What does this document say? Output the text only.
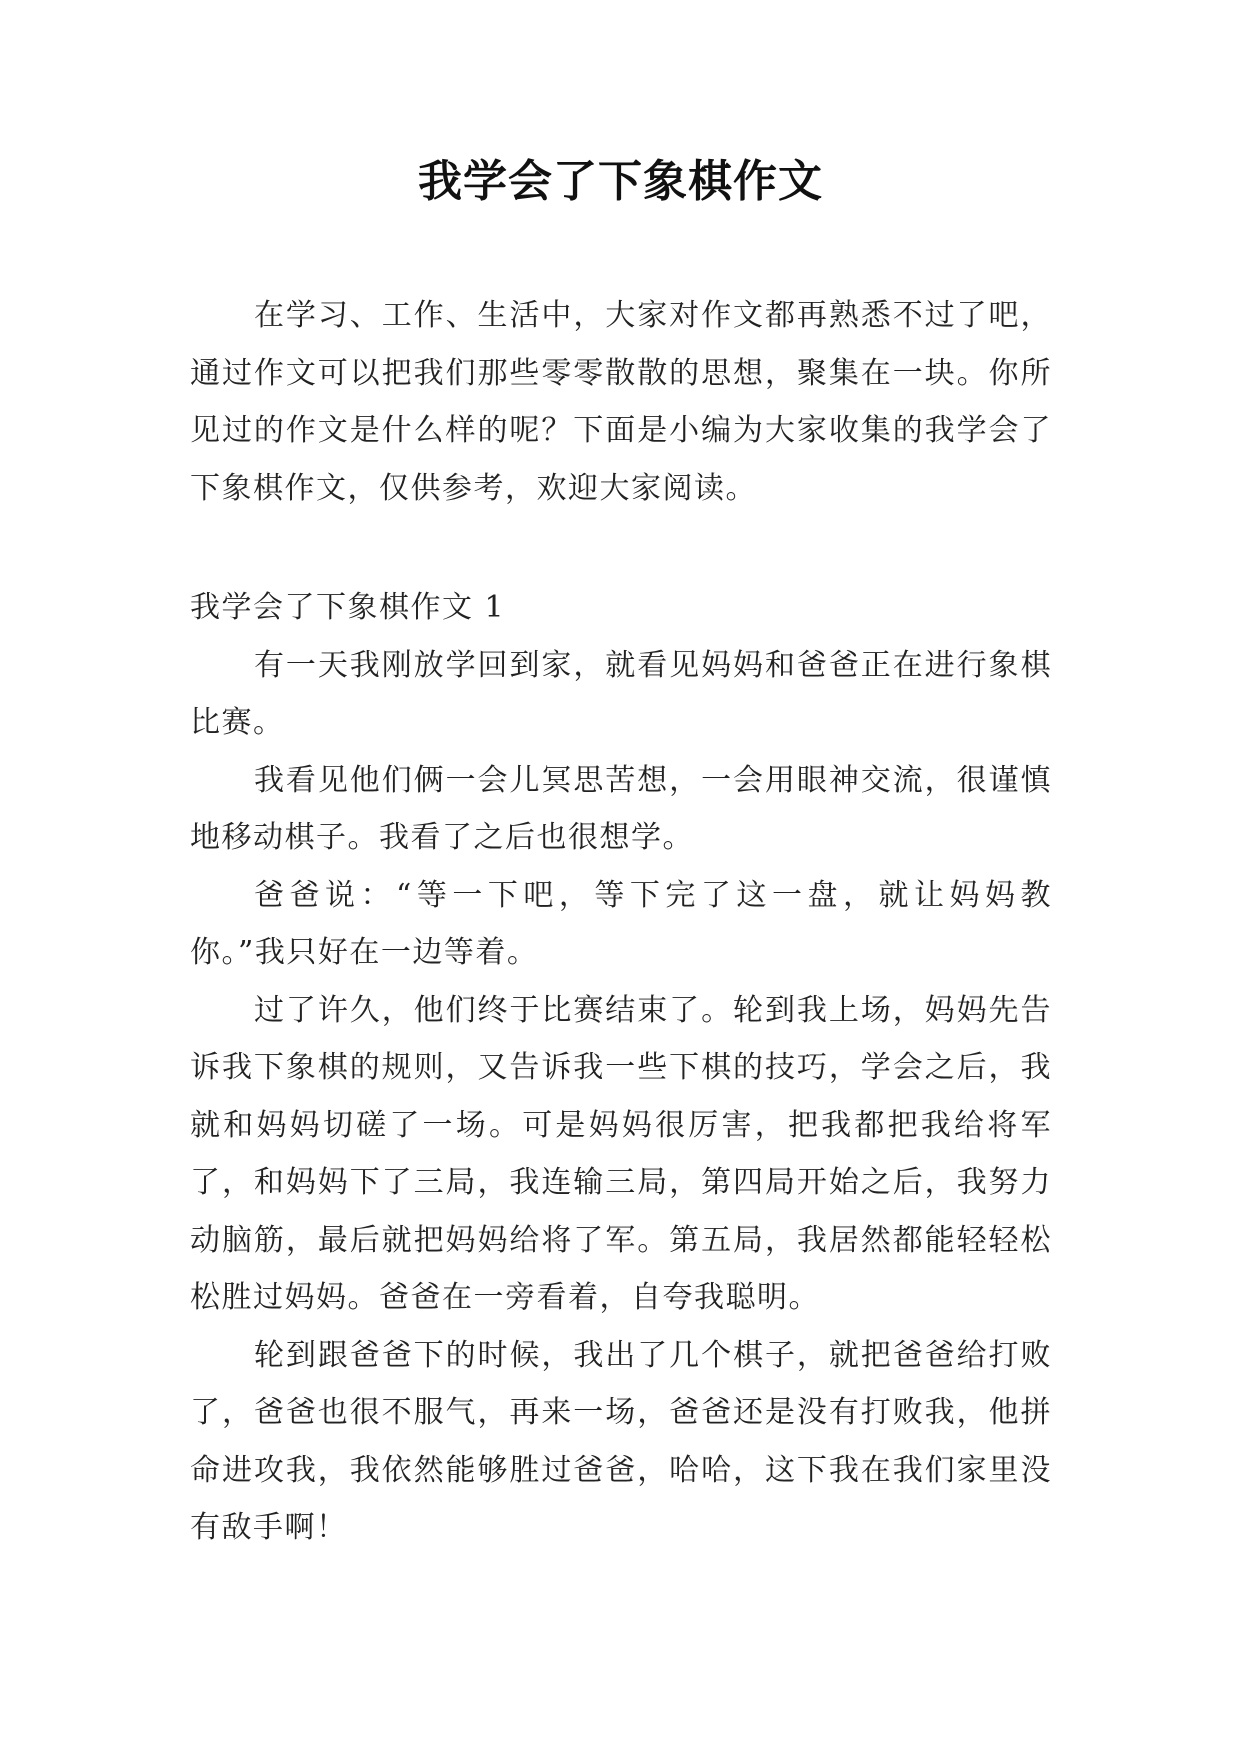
我学会了下象棋作文

在学习、工作、生活中，大家对作文都再熟悉不过了吧，通过作文可以把我们那些零零散散的思想，聚集在一块。你所见过的作文是什么样的呢？下面是小编为大家收集的我学会了下象棋作文，仅供参考，欢迎大家阅读。

我学会了下象棋作文 1

有一天我刚放学回到家，就看见妈妈和爸爸正在进行象棋比赛。

我看见他们俩一会儿冥思苦想，一会用眼神交流，很谨慎地移动棋子。我看了之后也很想学。

爸爸说：“等一下吧，等下完了这一盘，就让妈妈教你。”我只好在一边等着。

过了许久，他们终于比赛结束了。轮到我上场，妈妈先告诉我下象棋的规则，又告诉我一些下棋的技巧，学会之后，我就和妈妈切磋了一场。可是妈妈很厉害，把我都把我给将军了，和妈妈下了三局，我连输三局，第四局开始之后，我努力动脑筋，最后就把妈妈给将了军。第五局，我居然都能轻轻松松胜过妈妈。爸爸在一旁看着，自夸我聪明。

轮到跟爸爸下的时候，我出了几个棋子，就把爸爸给打败了，爸爸也很不服气，再来一场，爸爸还是没有打败我，他拼命进攻我，我依然能够胜过爸爸，哈哈，这下我在我们家里没有敌手啊！
